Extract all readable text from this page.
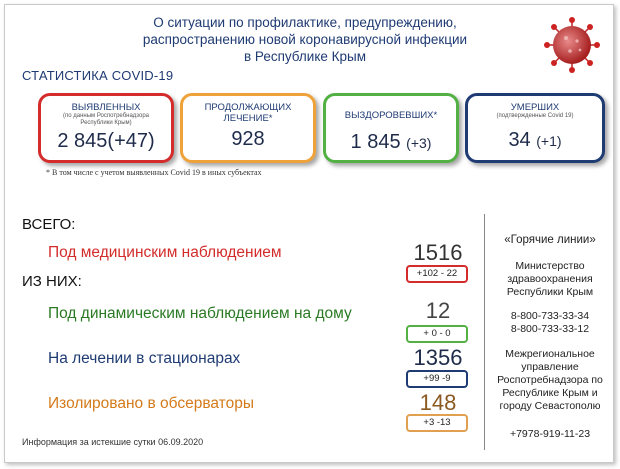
О ситуации по профилактике, предупреждению,
распространению новой коронавирусной инфекции
в Республике Крым
СТАТИСТИКА COVID-19
ВЫЯВЛЕННЫХ
(по данным Роспотребнадзора Республики Крым)
2 845(+47)
ПРОДОЛЖАЮЩИХ ЛЕЧЕНИЕ*
928
ВЫЗДОРОВЕВШИХ*
1 845 (+3)
УМЕРШИХ
(подтвержденные Covid 19)
34 (+1)
* В том числе с учетом выявленных Covid 19 в иных субъектах
ВСЕГО:
Под медицинским наблюдением	1516
+102 - 22
ИЗ НИХ:
Под динамическим наблюдением на дому	12
+ 0 - 0
На лечении в стационарах	1356
+99 -9
Изолировано в обсерваторы	148
+3 -13
«Горячие линии»
Министерство
здравоохранения
Республики Крым
8-800-733-33-34
8-800-733-33-12
Межрегиональное
управление
Роспотребнадзора по
Республике Крым и
городу Севастополю
+7978-919-11-23
Информация за истекшие сутки 06.09.2020
